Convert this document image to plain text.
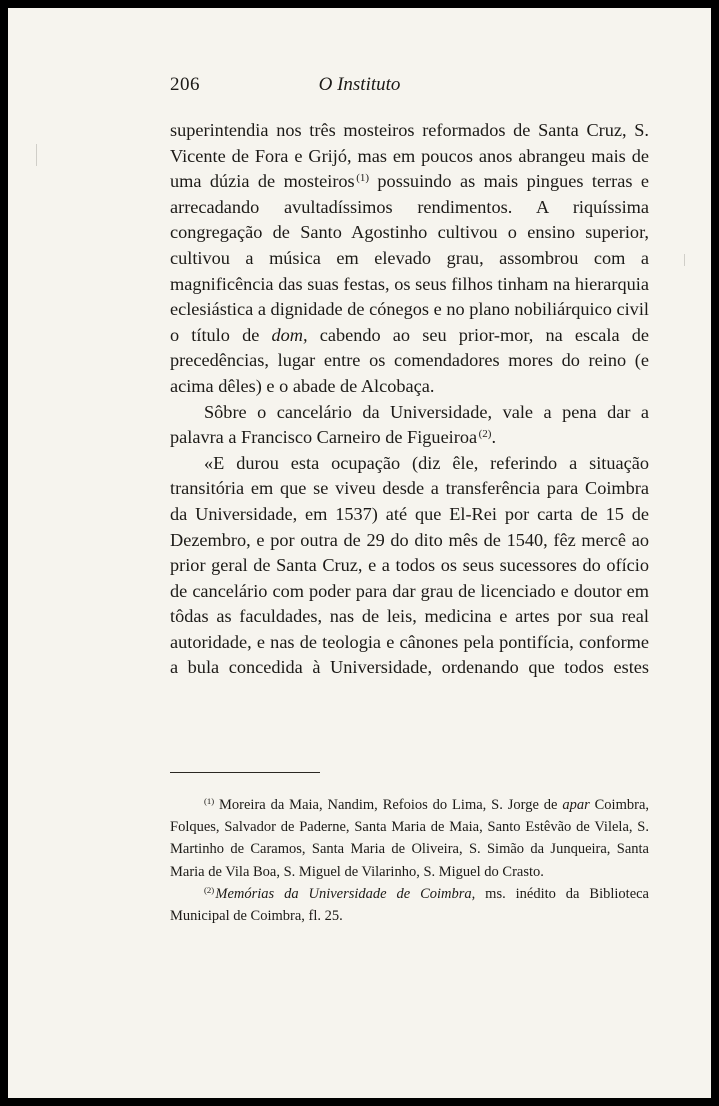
206	O Instituto

superintendia nos três mosteiros reformados de Santa Cruz, S. Vicente de Fora e Grijó, mas em poucos anos abrangeu mais de uma dúzia de mosteiros  $^{(1)}$ possuindo as mais pingues terras e arrecadando avultadíssimos rendimentos. A riquíssima congregação de Santo Agostinho cultivou o ensino superior, cultivou a música em elevado grau, assombrou com a magnificência das suas festas, os seus filhos tinham na hierarquia eclesiástica a dignidade de cónegos e no plano nobiliárquico civil o título de dom, cabendo ao seu prior-mor, na escala de precedências, lugar entre os comendadores mores do reino (e acima dêles) e o abade de Alcobaça.

Sôbre o cancelário da Universidade, vale a pena dar a palavra a Francisco Carneiro de Figueiroa  $^{(2)}$.

«E durou esta ocupação (diz êle, referindo a situação transitória em que se viveu desde a transferência para Coimbra da Universidade, em 1537) até que El-Rei por carta de 15 de Dezembro, e por outra de 29 do dito mês de 1540, fêz mercê ao prior geral de Santa Cruz, e a todos os seus sucessores do ofício de cancelário com poder para dar grau de licenciado e doutor em tôdas as faculdades, nas de leis, medicina e artes por sua real autoridade, e nas de teologia e cânones pela pontifícia, conforme a bula concedida à Universidade, ordenando que todos estes

$^{(1)}$ Moreira da Maia, Nandim, Refoios do Lima, S. Jorge de apar Coimbra, Folques, Salvador de Paderne, Santa Maria de Maia, Santo Estêvão de Vilela, S. Martinho de Caramos, Santa Maria de Oliveira, S. Simão da Junqueira, Santa Maria de Vila Boa, S. Miguel de Vilarinho, S. Miguel do Crasto.

$^{(2)}$ Memórias da Universidade de Coimbra, ms. inédito da Biblioteca Municipal de Coimbra, fl. 25.
